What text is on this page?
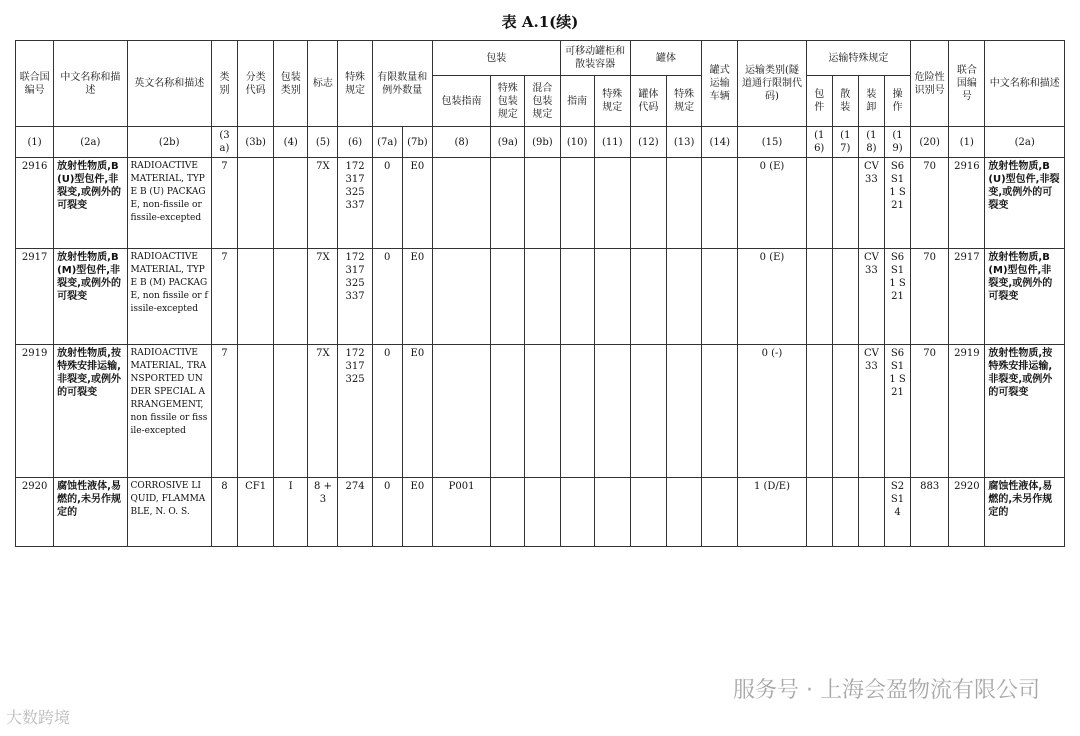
表 A.1(续)
联合国编号	中文名称和描述	英文名称和描述	类别	分类代码	包装类别	标志	特殊规定	有限数量和例外数量		包装			可移动罐柜和散装容器		罐体		罐式运输车辆	运输类别(隧道通行限制代码)	运输特殊规定				危险性识别号	联合国编号	中文名称和描述
										包装指南	特殊包装规定	混合包装规定	指南	特殊规定	罐体代码	特殊规定			包件	散装	装卸	操作			
(1)	(2a)	(2b)	(3a)	(3b)	(4)	(5)	(6)	(7a)	(7b)	(8)	(9a)	(9b)	(10)	(11)	(12)	(13)	(14)	(15)	(16)	(17)	(18)	(19)	(20)	(1)	(2a)
2916	放射性物质,B(U)型包件,非裂变,或例外的可裂变	RADIOACTIVE MATERIAL, TYPE B (U) PACKAGE, non-fissile or fissile-excepted	7			7X	172 317 325 337	0	E0									0 (E)			CV33	S6 S11 S21	70	2916	放射性物质,B(U)型包件,非裂变,或例外的可裂变
2917	放射性物质,B(M)型包件,非裂变,或例外的可裂变	RADIOACTIVE MATERIAL, TYPE B (M) PACKAGE, non fissile or fissile-excepted	7			7X	172 317 325 337	0	E0									0 (E)			CV33	S6 S11 S21	70	2917	放射性物质,B(M)型包件,非裂变,或例外的可裂变
2919	放射性物质,按特殊安排运输,非裂变,或例外的可裂变	RADIOACTIVE MATERIAL, TRANSPORTED UNDER SPECIAL ARRANGEMENT, non fissile or fissile-excepted	7			7X	172 317 325	0	E0									0 (-)			CV33	S6 S11 S21	70	2919	放射性物质,按特殊安排运输,非裂变,或例外的可裂变
2920	腐蚀性液体,易燃的,未另作规定的	CORROSIVE LIQUID, FLAMMABLE, N. O. S.	8	CF1	I	8 + 3	274	0	E0	P001								1 (D/E)				S2 S14	883	2920	腐蚀性液体,易燃的,未另作规定的
服务号 · 上海会盈物流有限公司
大数跨境
